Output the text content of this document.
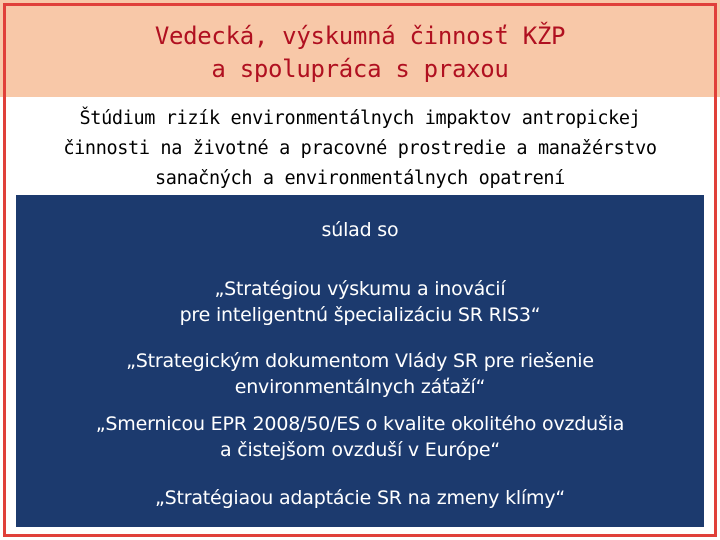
Vedecká, výskumná činnosť KŽP
a spolupráca s praxou
Štúdium rizík environmentálnych impaktov antropickej
činnosti na životné a pracovné prostredie a manažérstvo
sanačných a environmentálnych opatrení
súlad so
„Stratégiou výskumu a inovácií
pre inteligentnú špecializáciu SR RIS3“
„Strategickým dokumentom Vlády SR pre riešenie
environmentálnych záťaží“
„Smernicou EPR 2008/50/ES o kvalite okolitého ovzdušia
a čistejšom ovzduší v Európe“
„Stratégiaou adaptácie SR na zmeny klímy“
